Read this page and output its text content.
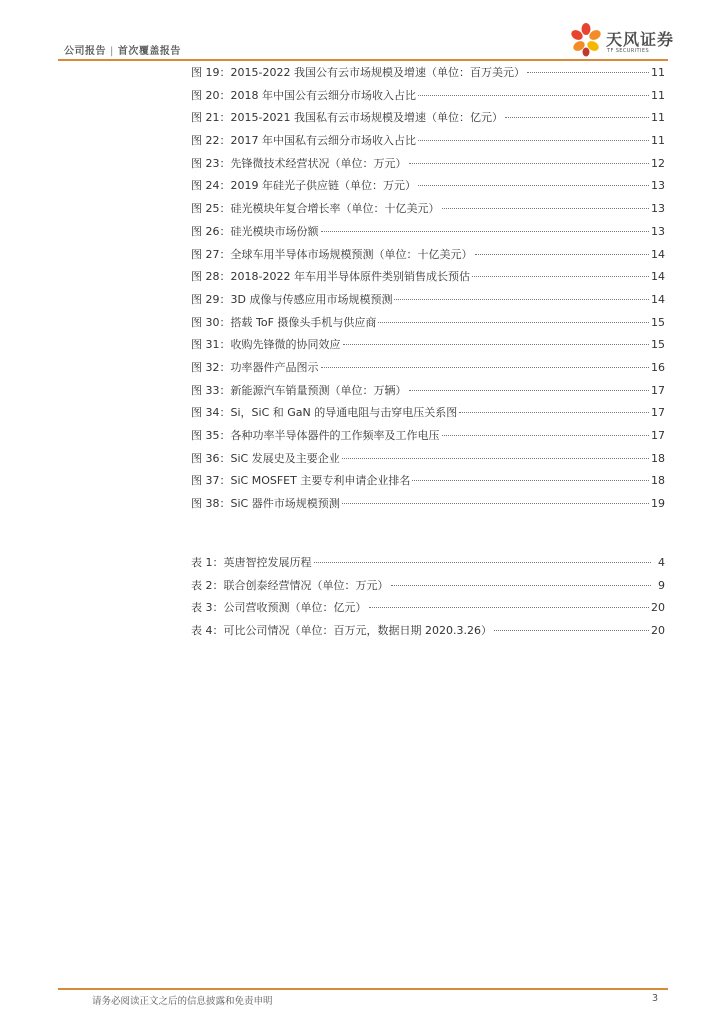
公司报告 | 首次覆盖报告
天风证券
TF SECURITIES
图 19：2015-2022 我国公有云市场规模及增速（单位：百万美元）	11
图 20：2018 年中国公有云细分市场收入占比	11
图 21：2015-2021 我国私有云市场规模及增速（单位：亿元）	11
图 22：2017 年中国私有云细分市场收入占比	11
图 23：先锋微技术经营状况（单位：万元）	12
图 24：2019 年硅光子供应链（单位：万元）	13
图 25：硅光模块年复合增长率（单位：十亿美元）	13
图 26：硅光模块市场份额	13
图 27：全球车用半导体市场规模预测（单位：十亿美元）	14
图 28：2018-2022 年车用半导体原件类别销售成长预估	14
图 29：3D 成像与传感应用市场规模预测	14
图 30：搭载 ToF 摄像头手机与供应商	15
图 31：收购先锋微的协同效应	15
图 32：功率器件产品图示	16
图 33：新能源汽车销量预测（单位：万辆）	17
图 34：Si，SiC 和 GaN 的导通电阻与击穿电压关系图	17
图 35：各种功率半导体器件的工作频率及工作电压	17
图 36：SiC 发展史及主要企业	18
图 37：SiC MOSFET 主要专利申请企业排名	18
图 38：SiC 器件市场规模预测	19
表 1：英唐智控发展历程	4
表 2：联合创泰经营情况（单位：万元）	9
表 3：公司营收预测（单位：亿元）	20
表 4：可比公司情况（单位：百万元，数据日期 2020.3.26）	20
请务必阅读正文之后的信息披露和免责申明	3
